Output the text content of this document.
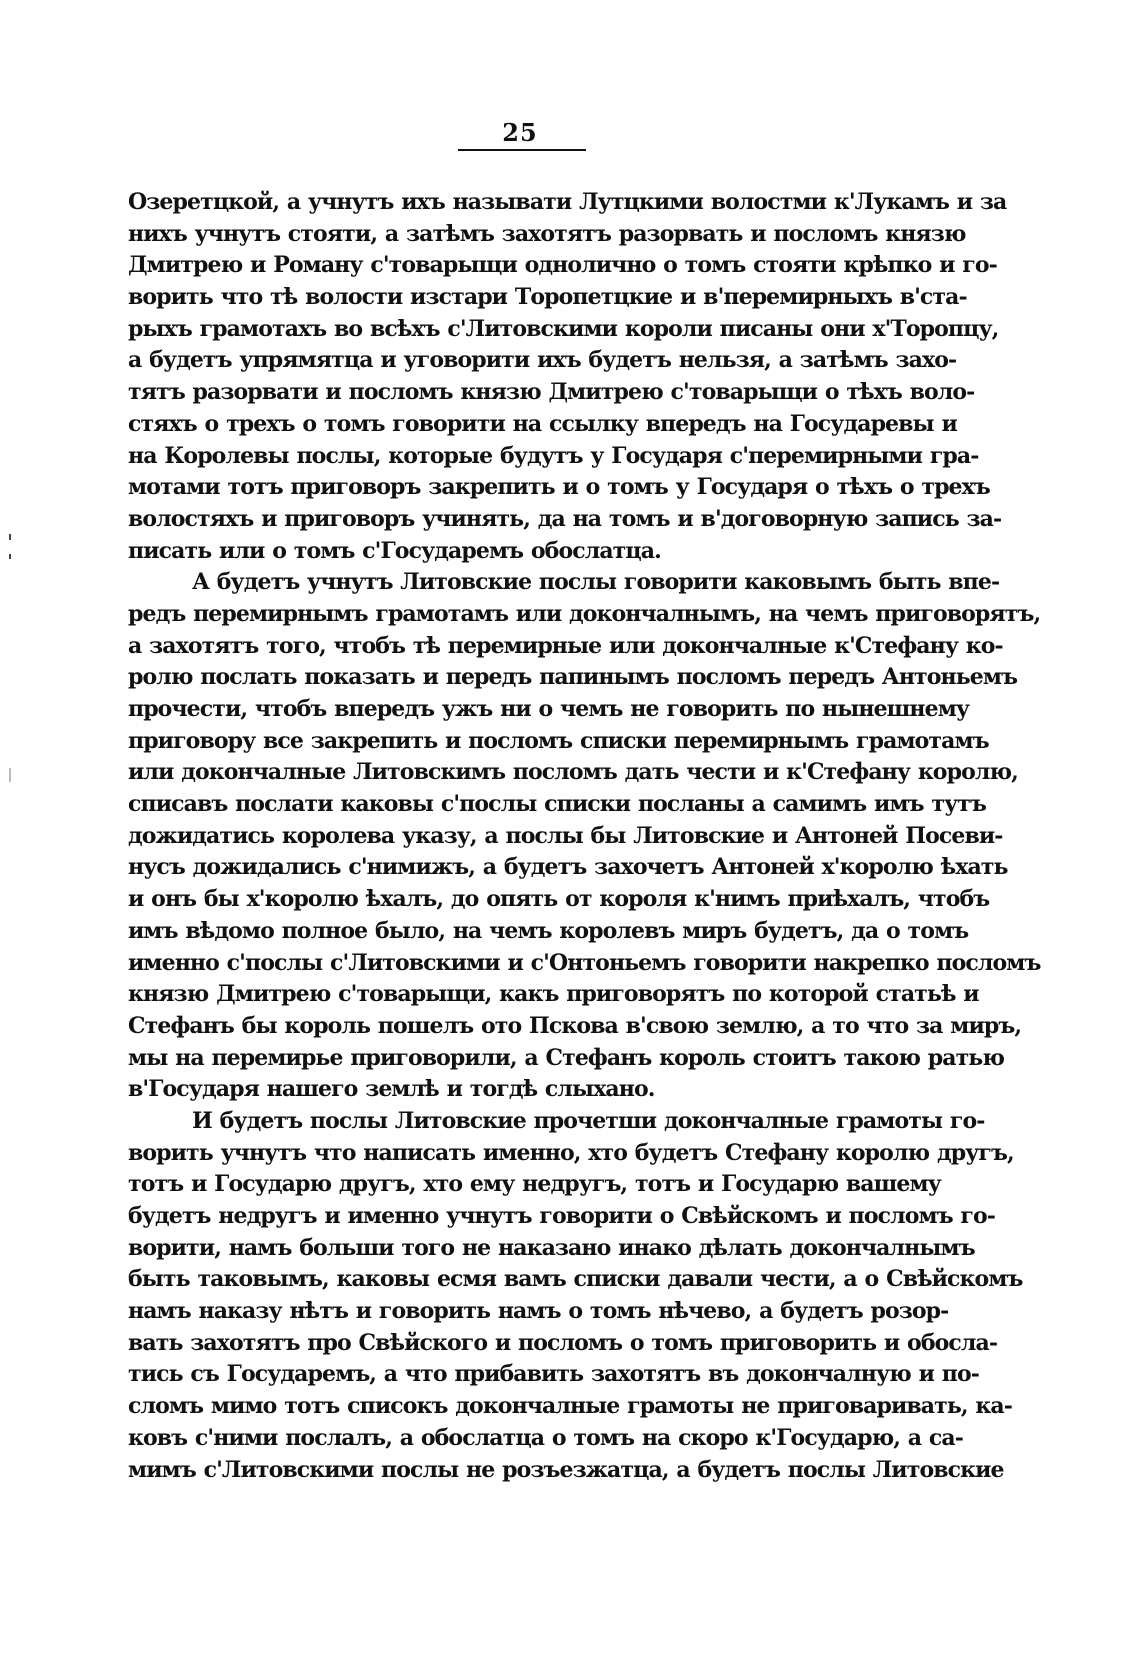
25
Озеретцкой, а учнутъ ихъ называти Лутцкими волостми к'Лукамъ и за
нихъ учнутъ стояти, а затѣмъ захотятъ разорвать и посломъ князю
Дмитрею и Роману с'товарыщи однолично о томъ стояти крѣпко и го-
ворить что тѣ волости изстари Торопетцкие и в'перемирныхъ в'ста-
рыхъ грамотахъ во всѣхъ с'Литовскими короли писаны они х'Торопцу,
а будетъ упрямятца и уговорити ихъ будетъ нельзя, а затѣмъ захо-
тятъ разорвати и посломъ князю Дмитрею с'товарыщи о тѣхъ воло-
стяхъ о трехъ о томъ говорити на ссылку впередъ на Государевы и
на Королевы послы, которые будутъ у Государя с'перемирными гра-
мотами тотъ приговоръ закрепить и о томъ у Государя о тѣхъ о трехъ
волостяхъ и приговоръ учинять, да на томъ и в'договорную запись за-
писать или о томъ с'Государемъ обослатца.
А будетъ учнутъ Литовские послы говорити каковымъ быть впе-
редъ перемирнымъ грамотамъ или докончалнымъ, на чемъ приговорятъ,
а захотятъ того, чтобъ тѣ перемирные или докончалные к'Стефану ко-
ролю послать показать и передъ папинымъ посломъ передъ Антоньемъ
прочести, чтобъ впередъ ужъ ни о чемъ не говорить по нынешнему
приговору все закрепить и посломъ списки перемирнымъ грамотамъ
или докончалные Литовскимъ посломъ дать чести и к'Стефану королю,
списавъ послати каковы с'послы списки посланы а самимъ имъ тутъ
дожидатись королева указу, а послы бы Литовские и Антоней Посеви-
нусъ дожидались с'нимижъ, а будетъ захочетъ Антоней х'королю ѣхать
и онъ бы х'королю ѣхалъ, до опять от короля к'нимъ приѣхалъ, чтобъ
имъ вѣдомо полное было, на чемъ королевъ миръ будетъ, да о томъ
именно с'послы с'Литовскими и с'Онтоньемъ говорити накрепко посломъ
князю Дмитрею с'товарыщи, какъ приговорятъ по которой статьѣ и
Стефанъ бы король пошелъ ото Пскова в'свою землю, а то что за миръ,
мы на перемирье приговорили, а Стефанъ король стоитъ такою ратью
в'Государя нашего землѣ и тогдѣ слыхано.
И будетъ послы Литовские прочетши докончалные грамоты го-
ворить учнутъ что написать именно, хто будетъ Стефану королю другъ,
тотъ и Государю другъ, хто ему недругъ, тотъ и Государю вашему
будетъ недругъ и именно учнутъ говорити о Свѣйскомъ и посломъ го-
ворити, намъ больши того не наказано инако дѣлать докончалнымъ
быть таковымъ, каковы есмя вамъ списки давали чести, а о Свѣйскомъ
намъ наказу нѣтъ и говорить намъ о томъ нѣчево, а будетъ розор-
вать захотятъ про Свѣйского и посломъ о томъ приговорить и обосла-
тись съ Государемъ, а что прибавить захотятъ въ докончалную и по-
сломъ мимо тотъ списокъ докончалные грамоты не приговаривать, ка-
ковъ с'ними послалъ, а обослатца о томъ на скоро к'Государю, а са-
мимъ с'Литовскими послы не розъезжатца, а будетъ послы Литовские
